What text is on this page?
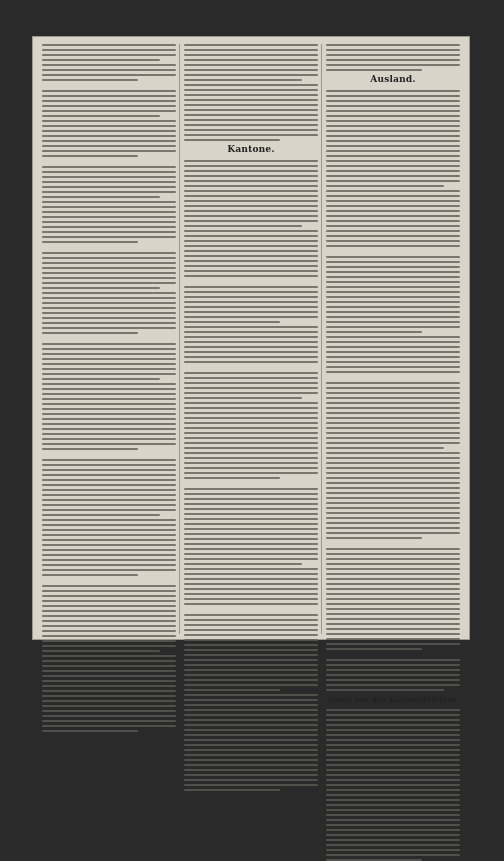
Kantone.
Ausland.
Anzug aus den Kantonsblättern.
